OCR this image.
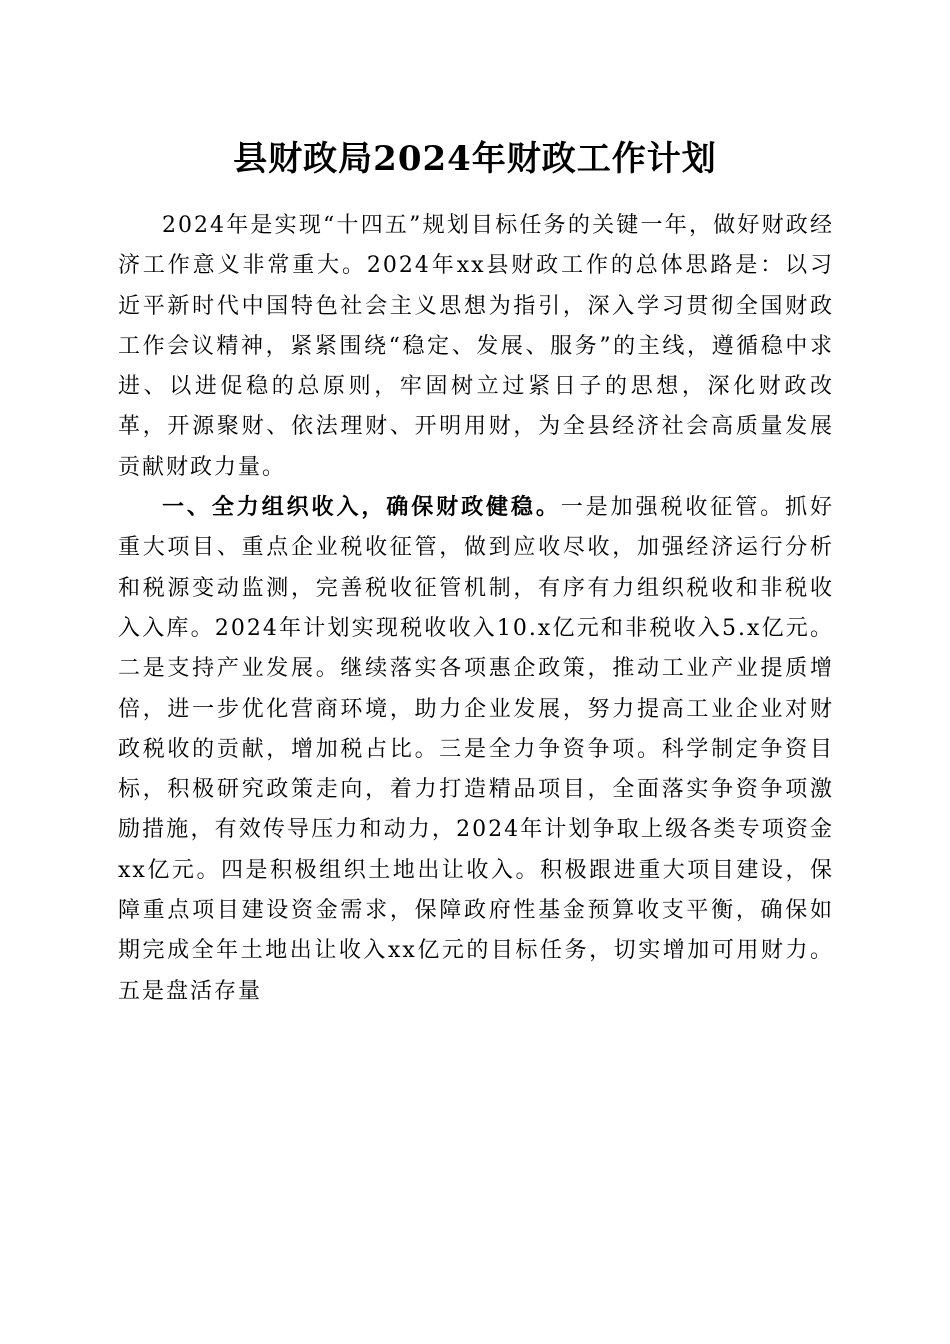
县财政局2024年财政工作计划

2024年是实现“十四五”规划目标任务的关键一年，做好财政经济工作意义非常重大。2024年xx县财政工作的总体思路是：以习近平新时代中国特色社会主义思想为指引，深入学习贯彻全国财政工作会议精神，紧紧围绕“稳定、发展、服务”的主线，遵循稳中求进、以进促稳的总原则，牢固树立过紧日子的思想，深化财政改革，开源聚财、依法理财、开明用财，为全县经济社会高质量发展贡献财政力量。

一、全力组织收入，确保财政健稳。一是加强税收征管。抓好重大项目、重点企业税收征管，做到应收尽收，加强经济运行分析和税源变动监测，完善税收征管机制，有序有力组织税收和非税收入入库。2024年计划实现税收收入10.x亿元和非税收入5.x亿元。二是支持产业发展。继续落实各项惠企政策，推动工业产业提质增倍，进一步优化营商环境，助力企业发展，努力提高工业企业对财政税收的贡献，增加税占比。三是全力争资争项。科学制定争资目标，积极研究政策走向，着力打造精品项目，全面落实争资争项激励措施，有效传导压力和动力，2024年计划争取上级各类专项资金xx亿元。四是积极组织土地出让收入。积极跟进重大项目建设，保障重点项目建设资金需求，保障政府性基金预算收支平衡，确保如期完成全年土地出让收入xx亿元的目标任务，切实增加可用财力。五是盘活存量
